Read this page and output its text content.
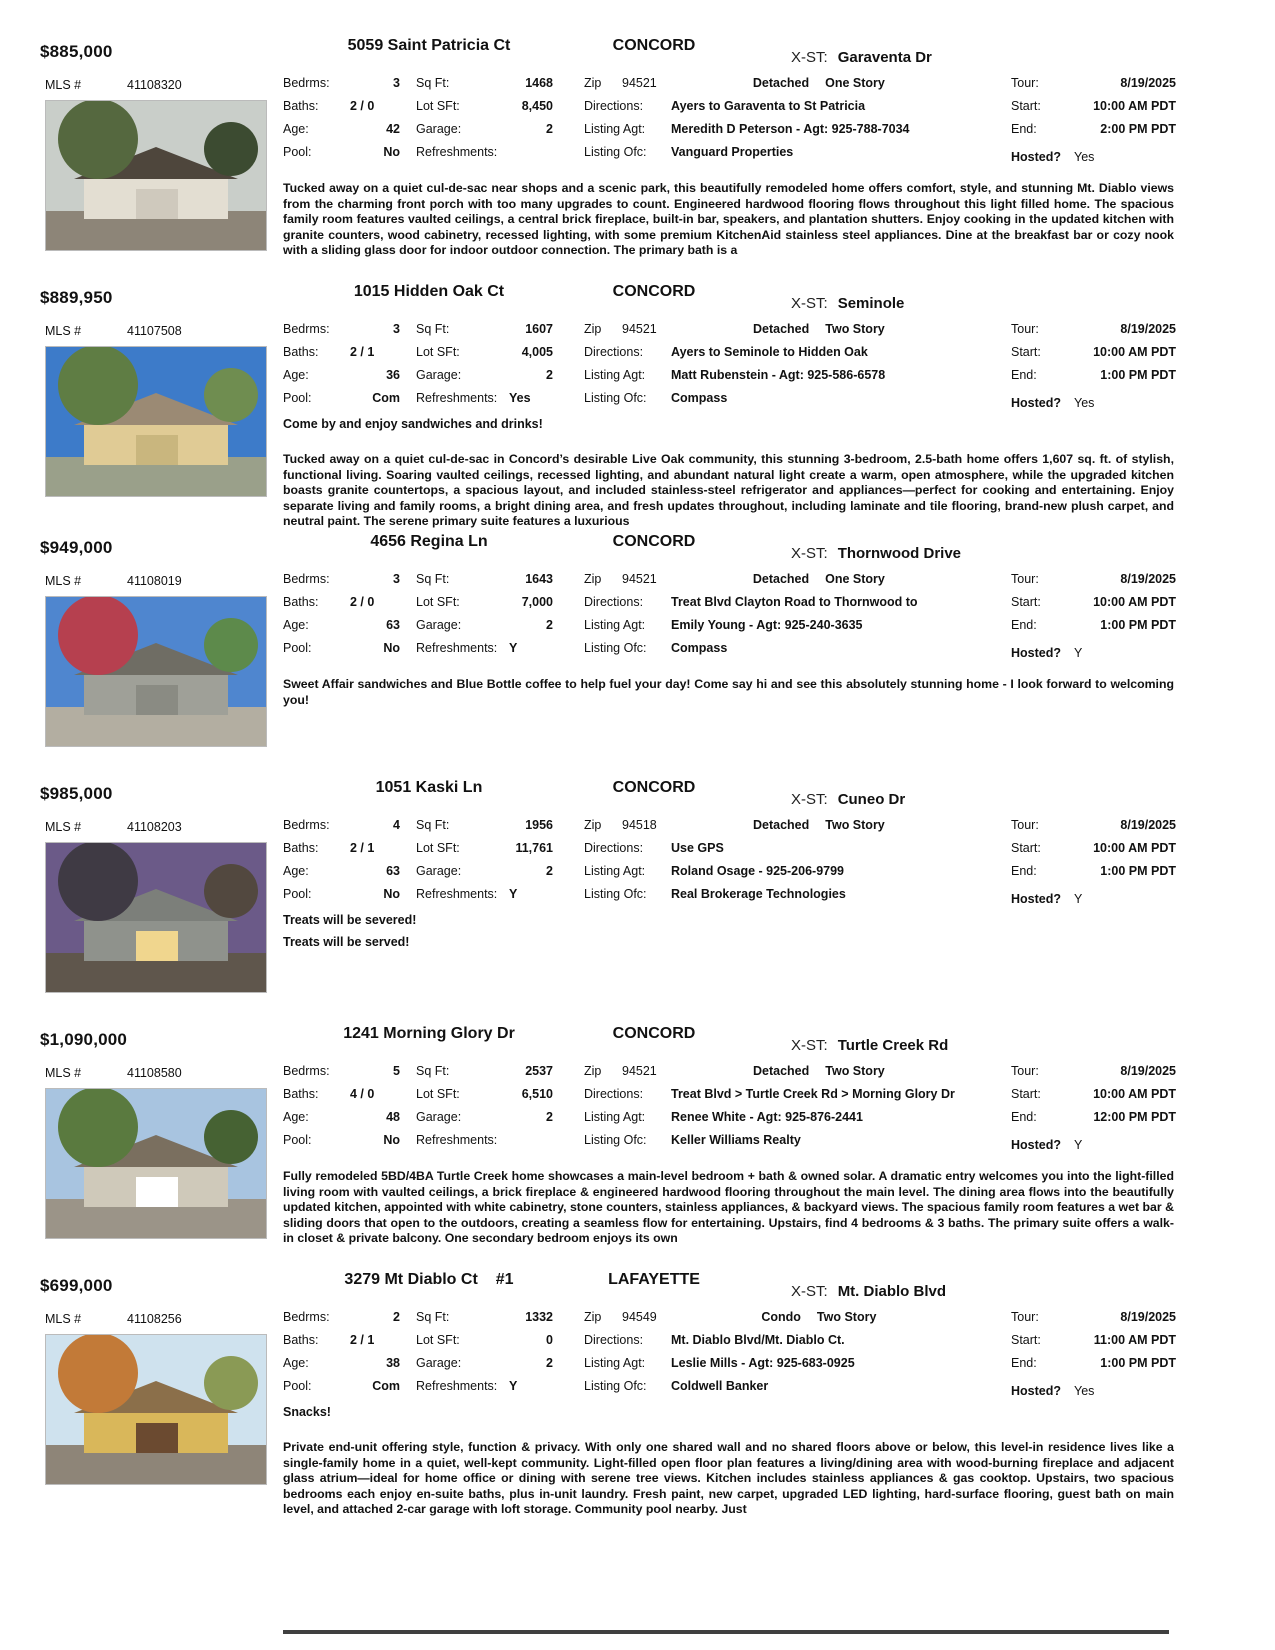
$885,000	5059 Saint Patricia Ct	CONCORD
X-ST: Garaventa Dr
MLS #	41108320	Bedrms:	3 Sq Ft:	1468 Zip	94521	Detached One Story	Tour:	8/19/2025
Baths:	2 / 0	Lot SFt:	8,450 Directions:	Ayers to Garaventa to St Patricia	Start:	10:00 AM PDT
Age:	42 Garage:	2 Listing Agt:	Meredith D Peterson - Agt: 925-788-7034	End:	2:00 PM PDT
Pool:	No Refreshments:	Listing Ofc:	Vanguard Properties	Hosted? Yes
Tucked away on a quiet cul-de-sac near shops and a scenic park, this beautifully remodeled home offers comfort, style, and stunning Mt. Diablo views from the charming front porch with too many upgrades to count. Engineered hardwood flooring flows throughout this light filled home. The spacious family room features vaulted ceilings, a central brick fireplace, built-in bar, speakers, and plantation shutters. Enjoy cooking in the updated kitchen with granite counters, wood cabinetry, recessed lighting, with some premium KitchenAid stainless steel appliances. Dine at the breakfast bar or cozy nook with a sliding glass door for indoor outdoor connection. The primary bath is a
$889,950	1015 Hidden Oak Ct	CONCORD
X-ST: Seminole
MLS #	41107508	Bedrms:	3 Sq Ft:	1607 Zip	94521	Detached Two Story	Tour:	8/19/2025
Baths:	2 / 1	Lot SFt:	4,005 Directions:	Ayers to Seminole to Hidden Oak	Start:	10:00 AM PDT
Age:	36 Garage:	2 Listing Agt:	Matt Rubenstein - Agt: 925-586-6578	End:	1:00 PM PDT
Pool:	Com Refreshments: Yes	Listing Ofc:	Compass	Hosted? Yes
Come by and enjoy sandwiches and drinks!
Tucked away on a quiet cul-de-sac in Concord’s desirable Live Oak community, this stunning 3-bedroom, 2.5-bath home offers 1,607 sq. ft. of stylish, functional living. Soaring vaulted ceilings, recessed lighting, and abundant natural light create a warm, open atmosphere, while the upgraded kitchen boasts granite countertops, a spacious layout, and included stainless-steel refrigerator and appliances—perfect for cooking and entertaining. Enjoy separate living and family rooms, a bright dining area, and fresh updates throughout, including laminate and tile flooring, brand-new plush carpet, and neutral paint. The serene primary suite features a luxurious
$949,000	4656 Regina Ln	CONCORD
X-ST: Thornwood Drive
MLS #	41108019	Bedrms:	3 Sq Ft:	1643 Zip	94521	Detached One Story	Tour:	8/19/2025
Baths:	2 / 0	Lot SFt:	7,000 Directions:	Treat Blvd Clayton Road to Thornwood to	Start:	10:00 AM PDT
Age:	63 Garage:	2 Listing Agt:	Emily Young - Agt: 925-240-3635	End:	1:00 PM PDT
Pool:	No Refreshments: Y	Listing Ofc:	Compass	Hosted? Y
Sweet Affair sandwiches and Blue Bottle coffee to help fuel your day! Come say hi and see this absolutely stunning home - I look forward to welcoming you!
$985,000	1051 Kaski Ln	CONCORD
X-ST: Cuneo Dr
MLS #	41108203	Bedrms:	4 Sq Ft:	1956 Zip	94518	Detached Two Story	Tour:	8/19/2025
Baths:	2 / 1	Lot SFt:	11,761 Directions:	Use GPS	Start:	10:00 AM PDT
Age:	63 Garage:	2 Listing Agt:	Roland Osage - 925-206-9799	End:	1:00 PM PDT
Pool:	No Refreshments: Y	Listing Ofc:	Real Brokerage Technologies	Hosted? Y
Treats will be severed!
Treats will be served!
$1,090,000	1241 Morning Glory Dr	CONCORD
X-ST: Turtle Creek Rd
MLS #	41108580	Bedrms:	5 Sq Ft:	2537 Zip	94521	Detached Two Story	Tour:	8/19/2025
Baths:	4 / 0	Lot SFt:	6,510 Directions:	Treat Blvd > Turtle Creek Rd > Morning Glory Dr	Start:	10:00 AM PDT
Age:	48 Garage:	2 Listing Agt:	Renee White - Agt: 925-876-2441	End:	12:00 PM PDT
Pool:	No Refreshments:	Listing Ofc:	Keller Williams Realty	Hosted? Y
Fully remodeled 5BD/4BA Turtle Creek home showcases a main-level bedroom + bath & owned solar. A dramatic entry welcomes you into the light-filled living room with vaulted ceilings, a brick fireplace & engineered hardwood flooring throughout the main level. The dining area flows into the beautifully updated kitchen, appointed with white cabinetry, stone counters, stainless appliances, & backyard views. The spacious family room features a wet bar & sliding doors that open to the outdoors, creating a seamless flow for entertaining. Upstairs, find 4 bedrooms & 3 baths. The primary suite offers a walk-in closet & private balcony. One secondary bedroom enjoys its own
$699,000	3279 Mt Diablo Ct #1	LAFAYETTE
X-ST: Mt. Diablo Blvd
MLS #	41108256	Bedrms:	2 Sq Ft:	1332 Zip	94549	Condo Two Story	Tour:	8/19/2025
Baths:	2 / 1	Lot SFt:	0 Directions:	Mt. Diablo Blvd/Mt. Diablo Ct.	Start:	11:00 AM PDT
Age:	38 Garage:	2 Listing Agt:	Leslie Mills - Agt: 925-683-0925	End:	1:00 PM PDT
Pool:	Com Refreshments: Y	Listing Ofc:	Coldwell Banker	Hosted? Yes
Snacks!
Private end-unit offering style, function & privacy. With only one shared wall and no shared floors above or below, this level-in residence lives like a single-family home in a quiet, well-kept community. Light-filled open floor plan features a living/dining area with wood-burning fireplace and adjacent glass atrium—ideal for home office or dining with serene tree views. Kitchen includes stainless appliances & gas cooktop. Upstairs, two spacious bedrooms each enjoy en-suite baths, plus in-unit laundry. Fresh paint, new carpet, upgraded LED lighting, hard-surface flooring, guest bath on main level, and attached 2-car garage with loft storage. Community pool nearby. Just
